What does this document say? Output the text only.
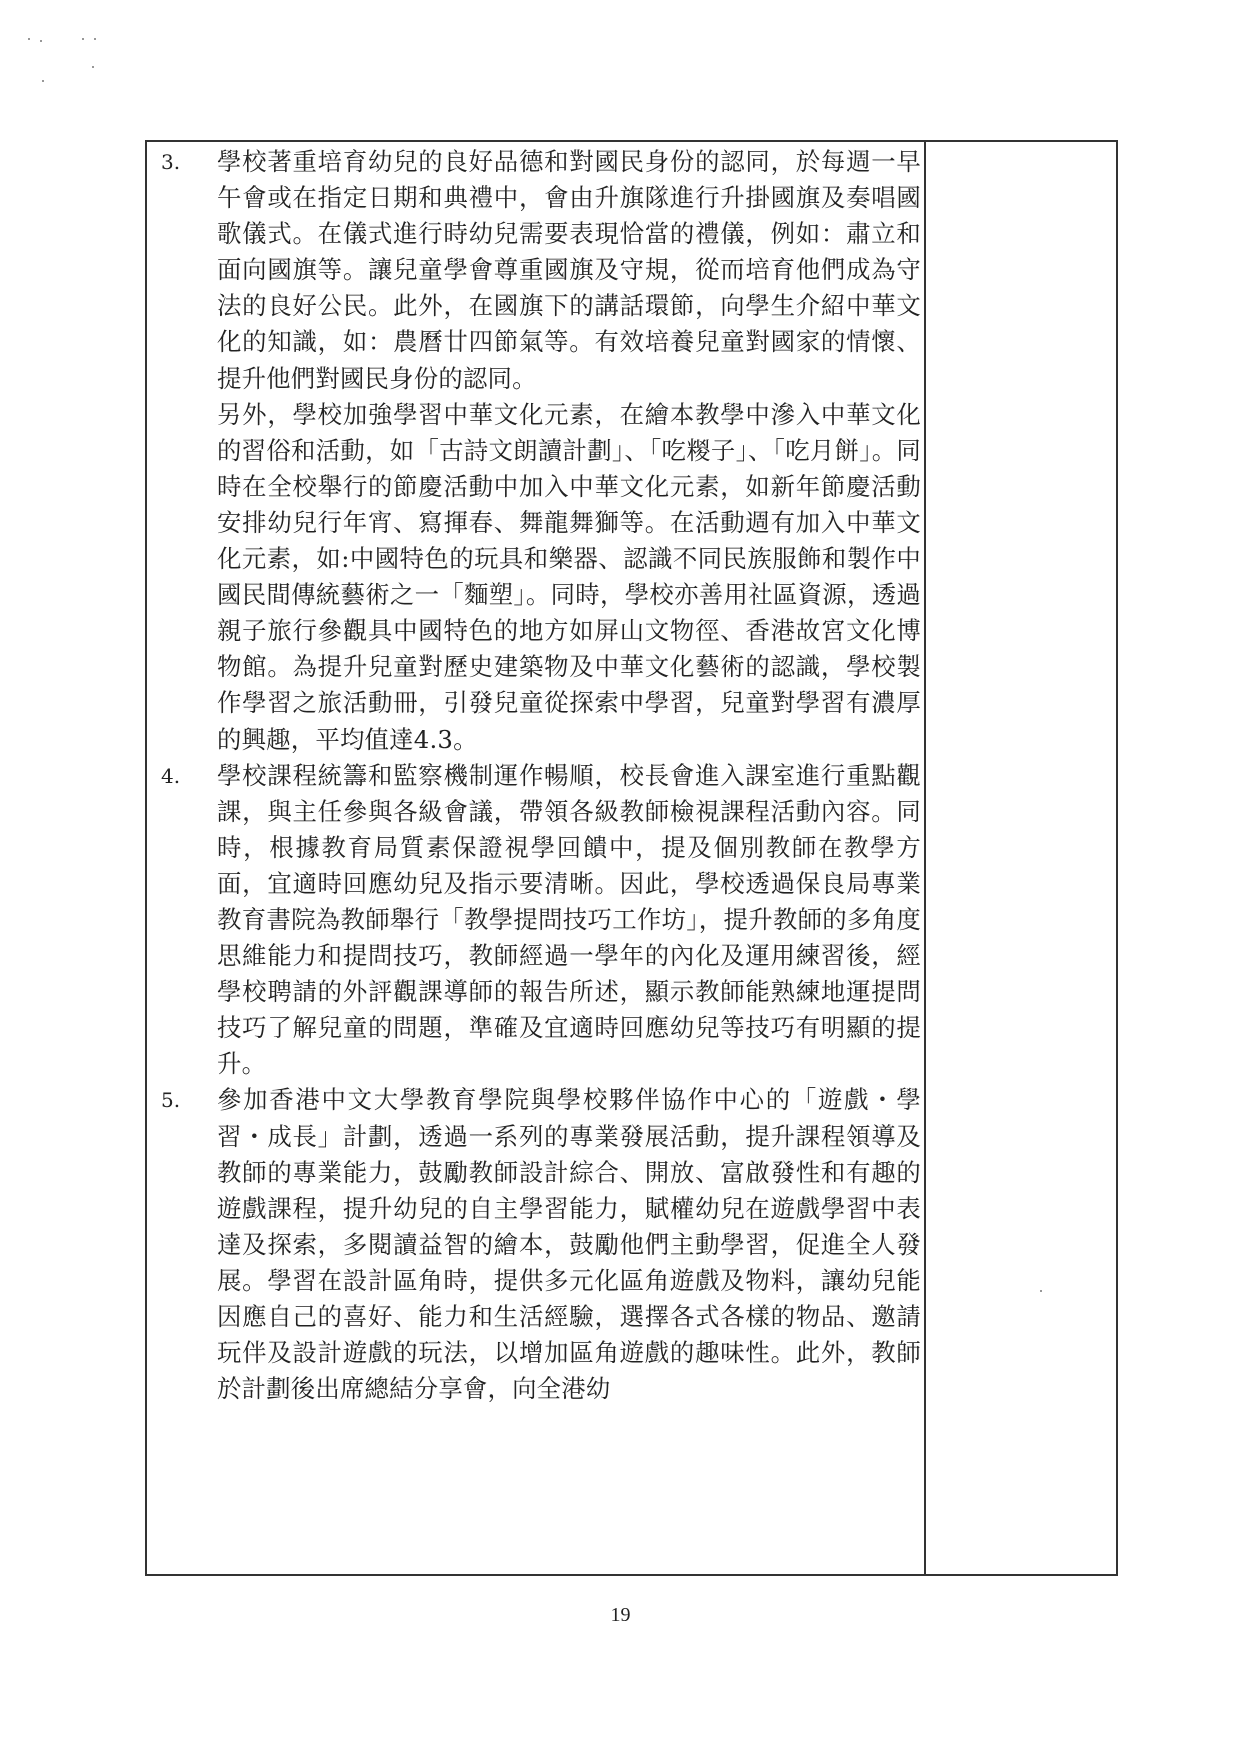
3.	學校著重培育幼兒的良好品德和對國民身份的認同，於每週一早午會或在指定日期和典禮中，會由升旗隊進行升掛國旗及奏唱國歌儀式。在儀式進行時幼兒需要表現恰當的禮儀，例如：肅立和面向國旗等。讓兒童學會尊重國旗及守規，從而培育他們成為守法的良好公民。此外，在國旗下的講話環節，向學生介紹中華文化的知識，如：農曆廿四節氣等。有效培養兒童對國家的情懷、提升他們對國民身份的認同。

另外，學校加強學習中華文化元素，在繪本教學中滲入中華文化的習俗和活動，如「古詩文朗讀計劃」、「吃糉子」、「吃月餅」。同時在全校舉行的節慶活動中加入中華文化元素，如新年節慶活動安排幼兒行年宵、寫揮春、舞龍舞獅等。在活動週有加入中華文化元素，如:中國特色的玩具和樂器、認識不同民族服飾和製作中國民間傳統藝術之一「麵塑」。同時，學校亦善用社區資源，透過親子旅行參觀具中國特色的地方如屏山文物徑、香港故宮文化博物館。為提升兒童對歷史建築物及中華文化藝術的認識，學校製作學習之旅活動冊，引發兒童從探索中學習，兒童對學習有濃厚的興趣，平均值達4.3。

4.	學校課程統籌和監察機制運作暢順，校長會進入課室進行重點觀課，與主任參與各級會議，帶領各級教師檢視課程活動內容。同時，根據教育局質素保證視學回饋中，提及個別教師在教學方面，宜適時回應幼兒及指示要清晰。因此，學校透過保良局專業教育書院為教師舉行「教學提問技巧工作坊」，提升教師的多角度思維能力和提問技巧，教師經過一學年的內化及運用練習後，經學校聘請的外評觀課導師的報告所述，顯示教師能熟練地運提問技巧了解兒童的問題，準確及宜適時回應幼兒等技巧有明顯的提升。

5.	參加香港中文大學教育學院與學校夥伴協作中心的「遊戲・學習・成長」計劃，透過一系列的專業發展活動，提升課程領導及教師的專業能力，鼓勵教師設計綜合、開放、富啟發性和有趣的遊戲課程，提升幼兒的自主學習能力，賦權幼兒在遊戲學習中表達及探索，多閱讀益智的繪本，鼓勵他們主動學習，促進全人發展。學習在設計區角時，提供多元化區角遊戲及物料，讓幼兒能因應自己的喜好、能力和生活經驗，選擇各式各樣的物品、邀請玩伴及設計遊戲的玩法，以增加區角遊戲的趣味性。此外，教師於計劃後出席總結分享會，向全港幼

19
